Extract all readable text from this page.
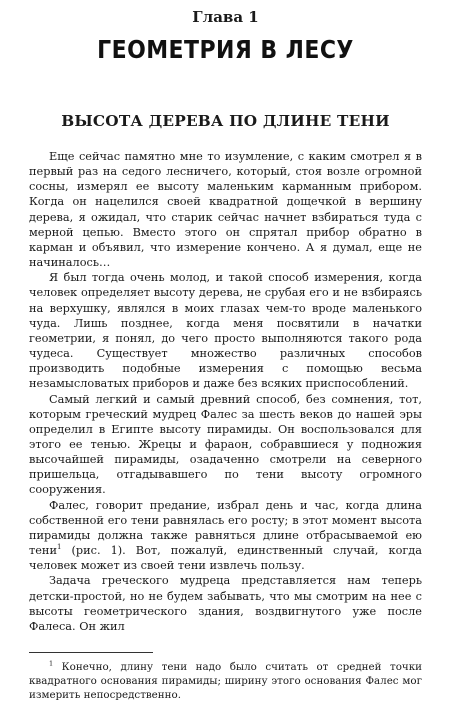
Глава 1
ГЕОМЕТРИЯ В ЛЕСУ
ВЫСОТА ДЕРЕВА ПО ДЛИНЕ ТЕНИ

Еще сейчас памятно мне то изумление, с каким смотрел я в первый раз на седого лесничего, который, стоя возле огромной сосны, измерял ее высоту маленьким карманным прибором. Когда он нацелился своей квадратной дощечкой в вершину дерева, я ожидал, что старик сейчас начнет взбираться туда с мерной цепью. Вместо этого он спрятал прибор обратно в карман и объявил, что измерение кончено. А я думал, еще не начиналось…

Я был тогда очень молод, и такой способ измерения, когда человек определяет высоту дерева, не срубая его и не взбираясь на верхушку, являлся в моих глазах чем-то вроде маленького чуда. Лишь позднее, когда меня посвятили в начатки геометрии, я понял, до чего просто выполняются такого рода чудеса. Существует множество различных способов производить подобные измерения с помощью весьма незамысловатых приборов и даже без всяких приспособлений.

Самый легкий и самый древний способ, без сомнения, тот, которым греческий мудрец Фалес за шесть веков до нашей эры определил в Египте высоту пирамиды. Он воспользовался для этого ее тенью. Жрецы и фараон, собравшиеся у подножия высочайшей пирамиды, озадаченно смотрели на северного пришельца, отгадывавшего по тени высоту огромного сооружения.

Фалес, говорит предание, избрал день и час, когда длина собственной его тени равнялась его росту; в этот момент высота пирамиды должна также равняться длине отбрасываемой ею тени$^1$ (рис. 1). Вот, пожалуй, единственный случай, когда человек может из своей тени извлечь пользу.

Задача греческого мудреца представляется нам теперь детски-простой, но не будем забывать, что мы смотрим на нее с высоты геометрического здания, воздвигнутого уже после Фалеса. Он жил

$^1$ Конечно, длину тени надо было считать от средней точки квадратного основания пирамиды; ширину этого основания Фалес мог измерить непосредственно.
